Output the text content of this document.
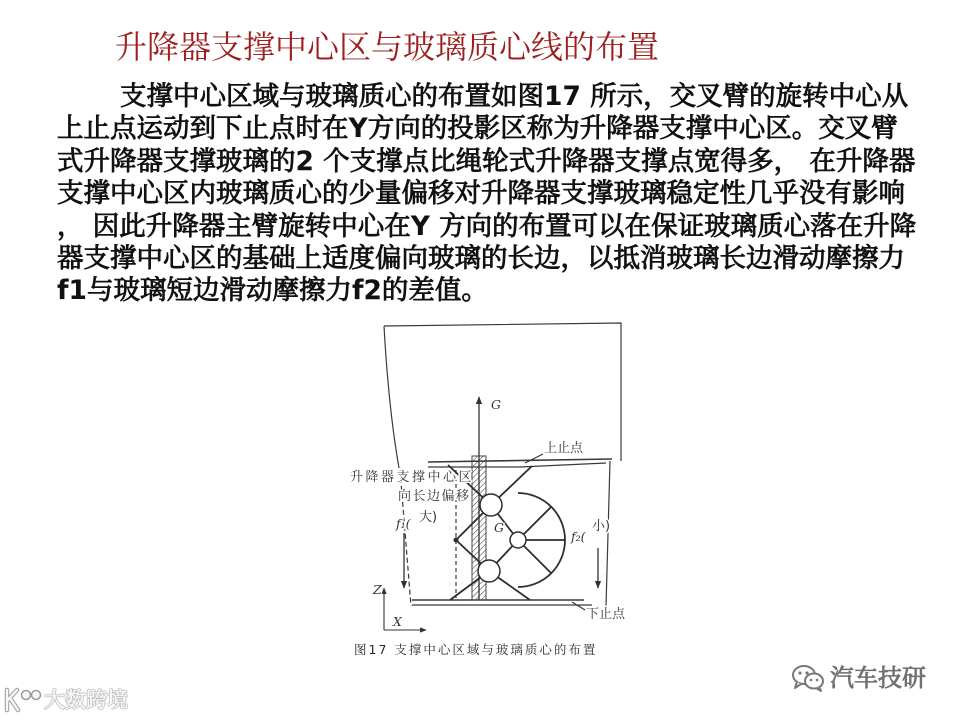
升降器支撑中心区与玻璃质心线的布置
支撑中心区域与玻璃质心的布置如图17 所示，交叉臂的旋转中心从
上止点运动到下止点时在Y方向的投影区称为升降器支撑中心区。交叉臂
式升降器支撑玻璃的2 个支撑点比绳轮式升降器支撑点宽得多， 在升降器
支撑中心区内玻璃质心的少量偏移对升降器支撑玻璃稳定性几乎没有影响
， 因此升降器主臂旋转中心在Y 方向的布置可以在保证玻璃质心落在升降
器支撑中心区的基础上适度偏向玻璃的长边，以抵消玻璃长边滑动摩擦力
f1与玻璃短边滑动摩擦力f2的差值。
G
上止点
升降器支撑中心区
向长边偏移
大)
f₁(	G	小)
f₂(
Z
下止点
X
图17 支撑中心区域与玻璃质心的布置
汽车技研
大数跨境
